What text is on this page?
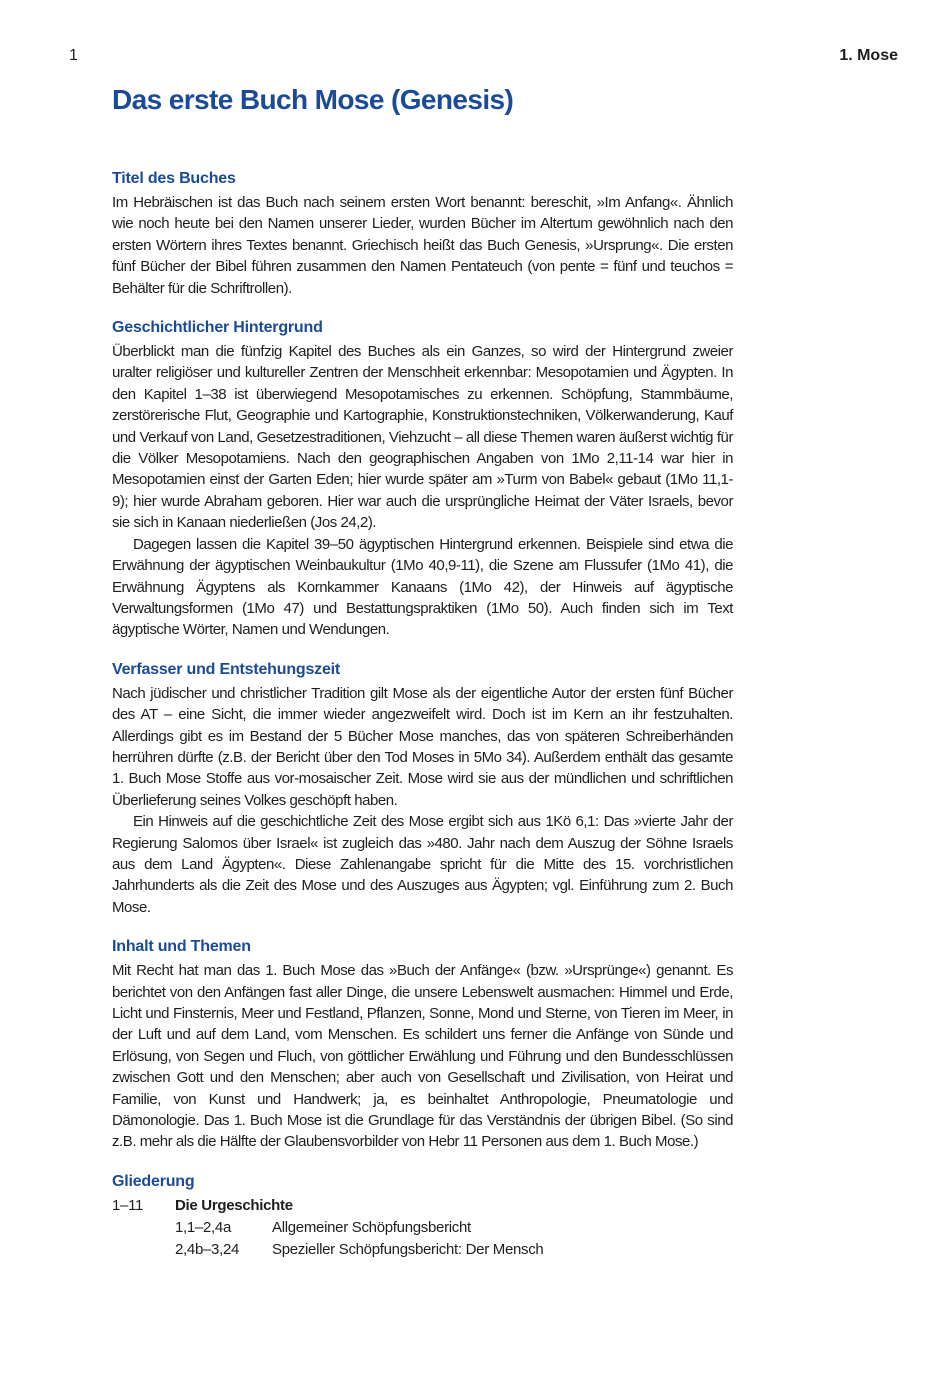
1	1. Mose
Das erste Buch Mose (Genesis)
Titel des Buches

Im Hebräischen ist das Buch nach seinem ersten Wort benannt: bereschit, »Im Anfang«. Ähnlich wie noch heute bei den Namen unserer Lieder, wurden Bücher im Altertum gewöhnlich nach den ersten Wörtern ihres Textes benannt. Griechisch heißt das Buch Genesis, »Ursprung«. Die ersten fünf Bücher der Bibel führen zusammen den Namen Pentateuch (von pente = fünf und teuchos = Behälter für die Schriftrollen).

Geschichtlicher Hintergrund

Überblickt man die fünfzig Kapitel des Buches als ein Ganzes, so wird der Hintergrund zweier uralter religiöser und kultureller Zentren der Menschheit erkennbar: Mesopotamien und Ägypten. In den Kapitel 1–38 ist überwiegend Mesopotamisches zu erkennen. Schöpfung, Stammbäume, zerstörerische Flut, Geographie und Kartographie, Konstruktionstechniken, Völkerwanderung, Kauf und Verkauf von Land, Gesetzestraditionen, Viehzucht – all diese Themen waren äußerst wichtig für die Völker Mesopotamiens. Nach den geographischen Angaben von 1Mo 2,11-14 war hier in Mesopotamien einst der Garten Eden; hier wurde später am »Turm von Babel« gebaut (1Mo 11,1-9); hier wurde Abraham geboren. Hier war auch die ursprüngliche Heimat der Väter Israels, bevor sie sich in Kanaan niederließen (Jos 24,2).

Dagegen lassen die Kapitel 39–50 ägyptischen Hintergrund erkennen. Beispiele sind etwa die Erwähnung der ägyptischen Weinbaukultur (1Mo 40,9-11), die Szene am Flussufer (1Mo 41), die Erwähnung Ägyptens als Kornkammer Kanaans (1Mo 42), der Hinweis auf ägyptische Verwaltungsformen (1Mo 47) und Bestattungspraktiken (1Mo 50). Auch finden sich im Text ägyptische Wörter, Namen und Wendungen.

Verfasser und Entstehungszeit

Nach jüdischer und christlicher Tradition gilt Mose als der eigentliche Autor der ersten fünf Bücher des AT – eine Sicht, die immer wieder angezweifelt wird. Doch ist im Kern an ihr festzuhalten. Allerdings gibt es im Bestand der 5 Bücher Mose manches, das von späteren Schreiberhänden herrühren dürfte (z.B. der Bericht über den Tod Moses in 5Mo 34). Außerdem enthält das gesamte 1. Buch Mose Stoffe aus vor-mosaischer Zeit. Mose wird sie aus der mündlichen und schriftlichen Überlieferung seines Volkes geschöpft haben.

Ein Hinweis auf die geschichtliche Zeit des Mose ergibt sich aus 1Kö 6,1: Das »vierte Jahr der Regierung Salomos über Israel« ist zugleich das »480. Jahr nach dem Auszug der Söhne Israels aus dem Land Ägypten«. Diese Zahlenangabe spricht für die Mitte des 15. vorchristlichen Jahrhunderts als die Zeit des Mose und des Auszuges aus Ägypten; vgl. Einführung zum 2. Buch Mose.

Inhalt und Themen

Mit Recht hat man das 1. Buch Mose das »Buch der Anfänge« (bzw. »Ursprünge«) genannt. Es berichtet von den Anfängen fast aller Dinge, die unsere Lebenswelt ausmachen: Himmel und Erde, Licht und Finsternis, Meer und Festland, Pflanzen, Sonne, Mond und Sterne, von Tieren im Meer, in der Luft und auf dem Land, vom Menschen. Es schildert uns ferner die Anfänge von Sünde und Erlösung, von Segen und Fluch, von göttlicher Erwählung und Führung und den Bundesschlüssen zwischen Gott und den Menschen; aber auch von Gesellschaft und Zivilisation, von Heirat und Familie, von Kunst und Handwerk; ja, es beinhaltet Anthropologie, Pneumatologie und Dämonologie. Das 1. Buch Mose ist die Grundlage für das Verständnis der übrigen Bibel. (So sind z.B. mehr als die Hälfte der Glaubensvorbilder von Hebr 11 Personen aus dem 1. Buch Mose.)

Gliederung
1–11 Die Urgeschichte
1,1–2,4a	Allgemeiner Schöpfungsbericht
2,4b–3,24 Spezieller Schöpfungsbericht: Der Mensch
